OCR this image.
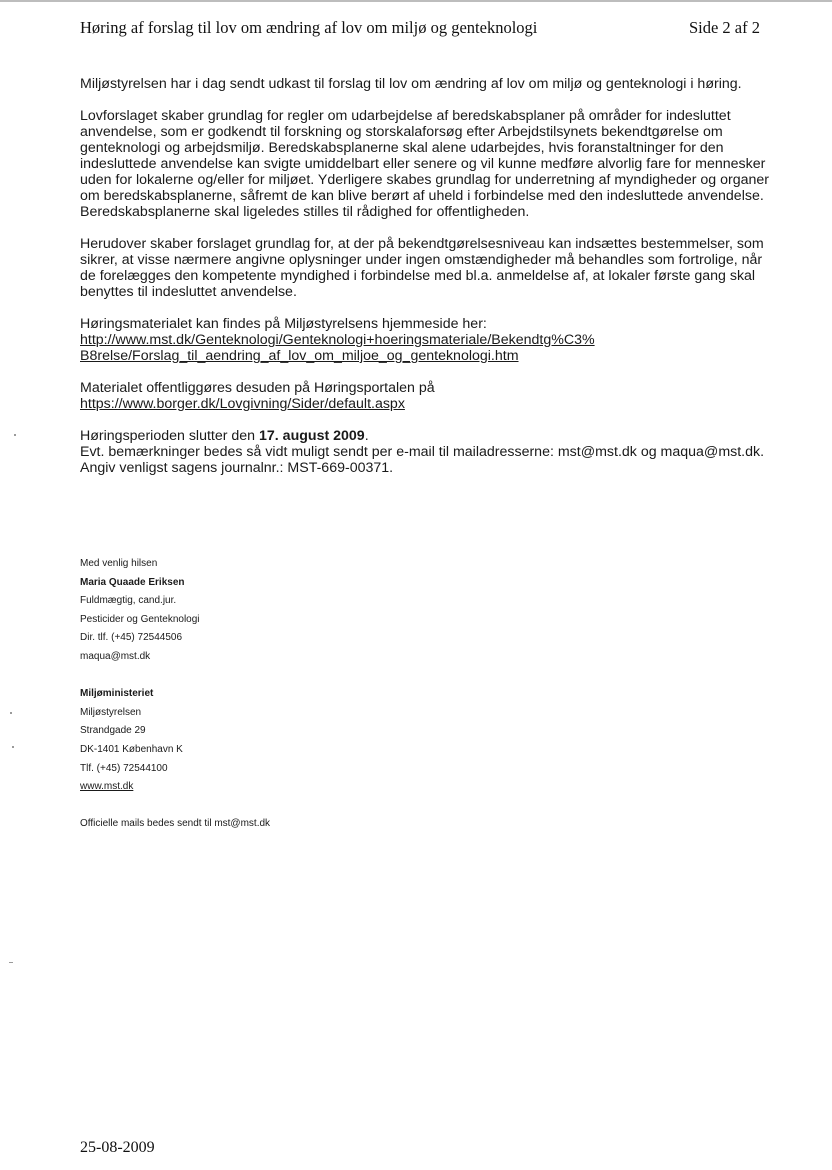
Høring af forslag til lov om ændring af lov om miljø og genteknologi	Side 2 af 2

Miljøstyrelsen har i dag sendt udkast til forslag til lov om ændring af lov om miljø og genteknologi i høring.

Lovforslaget skaber grundlag for regler om udarbejdelse af beredskabsplaner på områder for indesluttet
anvendelse, som er godkendt til forskning og storskalaforsøg efter Arbejdstilsynets bekendtgørelse om
genteknologi og arbejdsmiljø. Beredskabsplanerne skal alene udarbejdes, hvis foranstaltninger for den
indesluttede anvendelse kan svigte umiddelbart eller senere og vil kunne medføre alvorlig fare for mennesker
uden for lokalerne og/eller for miljøet. Yderligere skabes grundlag for underretning af myndigheder og organer
om beredskabsplanerne, såfremt de kan blive berørt af uheld i forbindelse med den indesluttede anvendelse.
Beredskabsplanerne skal ligeledes stilles til rådighed for offentligheden.

Herudover skaber forslaget grundlag for, at der på bekendtgørelsesniveau kan indsættes bestemmelser, som
sikrer, at visse nærmere angivne oplysninger under ingen omstændigheder må behandles som fortrolige, når
de forelægges den kompetente myndighed i forbindelse med bl.a. anmeldelse af, at lokaler første gang skal
benyttes til indesluttet anvendelse.

Høringsmaterialet kan findes på Miljøstyrelsens hjemmeside her:
http://www.mst.dk/Genteknologi/Genteknologi+hoeringsmateriale/Bekendtg%C3%
B8relse/Forslag_til_aendring_af_lov_om_miljoe_og_genteknologi.htm

Materialet offentliggøres desuden på Høringsportalen på
https://www.borger.dk/Lovgivning/Sider/default.aspx

Høringsperioden slutter den 17. august 2009.
Evt. bemærkninger bedes så vidt muligt sendt per e-mail til mailadresserne: mst@mst.dk og maqua@mst.dk.
Angiv venligst sagens journalnr.: MST-669-00371.

Med venlig hilsen
Maria Quaade Eriksen
Fuldmægtig, cand.jur.
Pesticider og Genteknologi
Dir. tlf. (+45) 72544506
maqua@mst.dk
Miljøministeriet
Miljøstyrelsen
Strandgade 29
DK-1401 København K
Tlf. (+45) 72544100
www.mst.dk
Officielle mails bedes sendt til mst@mst.dk
25-08-2009
